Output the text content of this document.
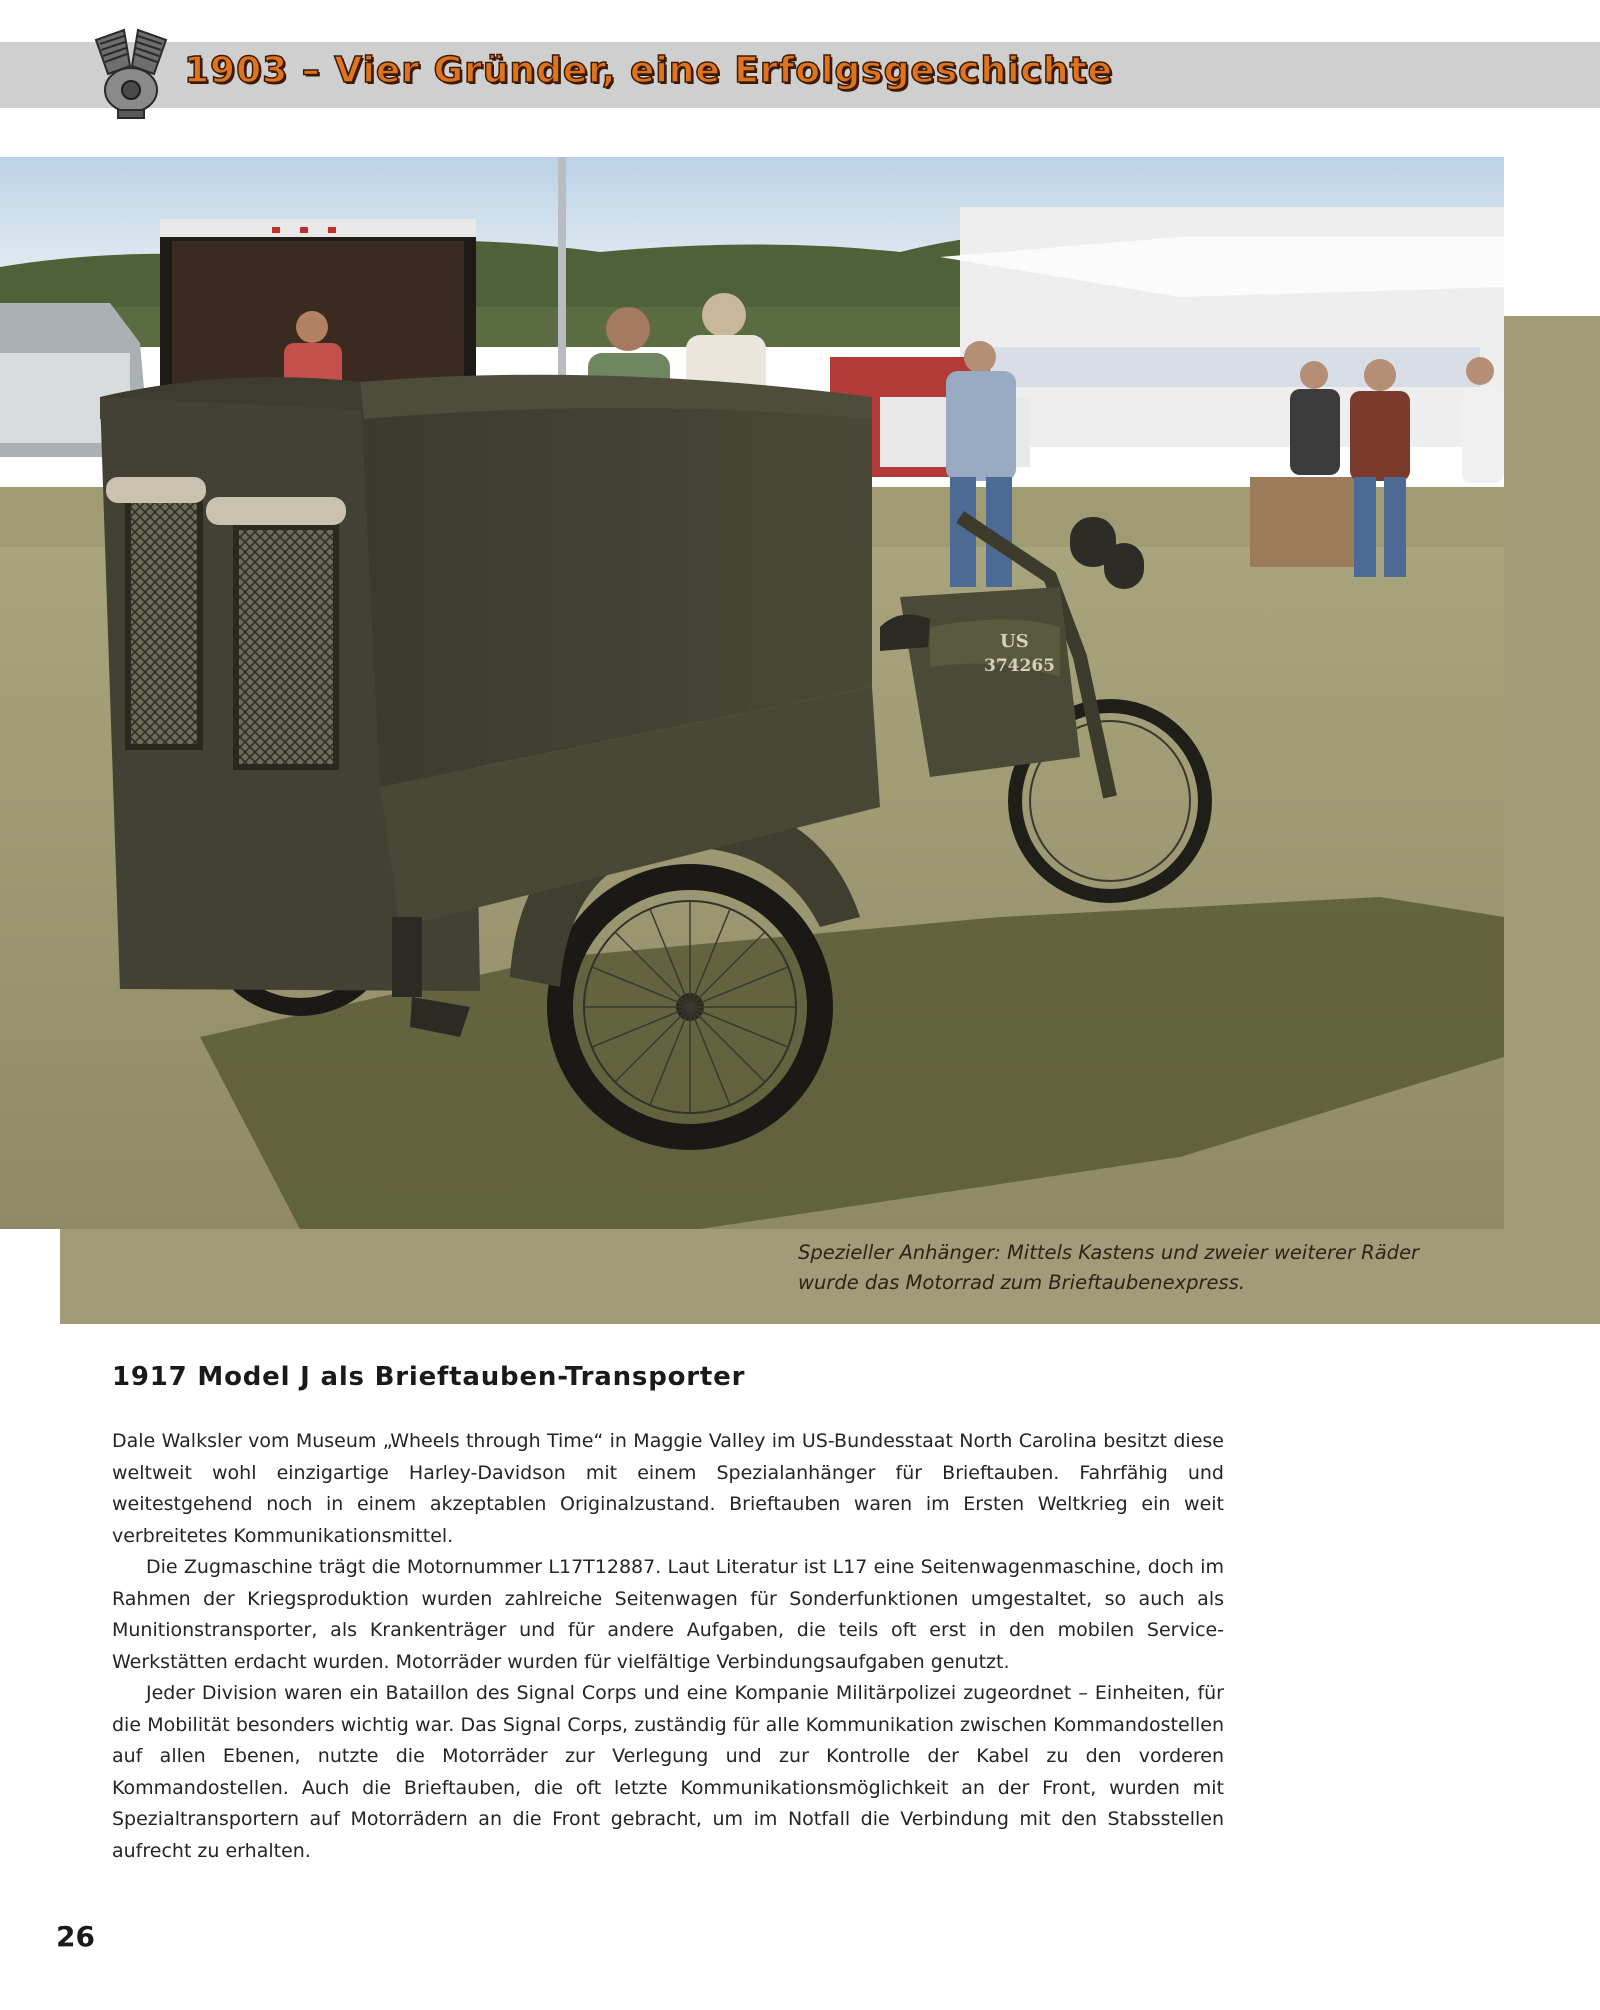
1903 – Vier Gründer, eine Erfolgsgeschichte
US
374265
Spezieller Anhänger: Mittels Kastens und zweier weiterer Räder
wurde das Motorrad zum Brieftaubenexpress.
1917 Model J als Brieftauben-Transporter

Dale Walksler vom Museum „Wheels through Time“ in Maggie Valley im US-Bundesstaat North Carolina besitzt diese weltweit wohl einzigartige Harley-Davidson mit einem Spezialanhänger für Brieftauben. Fahrfähig und weitestgehend noch in einem akzeptablen Originalzustand. Brieftauben waren im Ersten Weltkrieg ein weit verbreitetes Kommunikationsmittel.

Die Zugmaschine trägt die Motornummer L17T12887. Laut Literatur ist L17 eine Seitenwagenmaschine, doch im Rahmen der Kriegsproduktion wurden zahlreiche Seitenwagen für Sonderfunktionen umgestaltet, so auch als Munitionstransporter, als Krankenträger und für andere Aufgaben, die teils oft erst in den mobilen Service-Werkstätten erdacht wurden. Motorräder wurden für vielfältige Verbindungsaufgaben genutzt.

Jeder Division waren ein Bataillon des Signal Corps und eine Kompanie Militärpolizei zugeordnet – Einheiten, für die Mobilität besonders wichtig war. Das Signal Corps, zuständig für alle Kommunikation zwischen Kommandostellen auf allen Ebenen, nutzte die Motorräder zur Verlegung und zur Kontrolle der Kabel zu den vorderen Kommandostellen. Auch die Brieftauben, die oft letzte Kommunikationsmöglichkeit an der Front, wurden mit Spezialtransportern auf Motorrädern an die Front gebracht, um im Notfall die Verbindung mit den Stabsstellen aufrecht zu erhalten.

26
